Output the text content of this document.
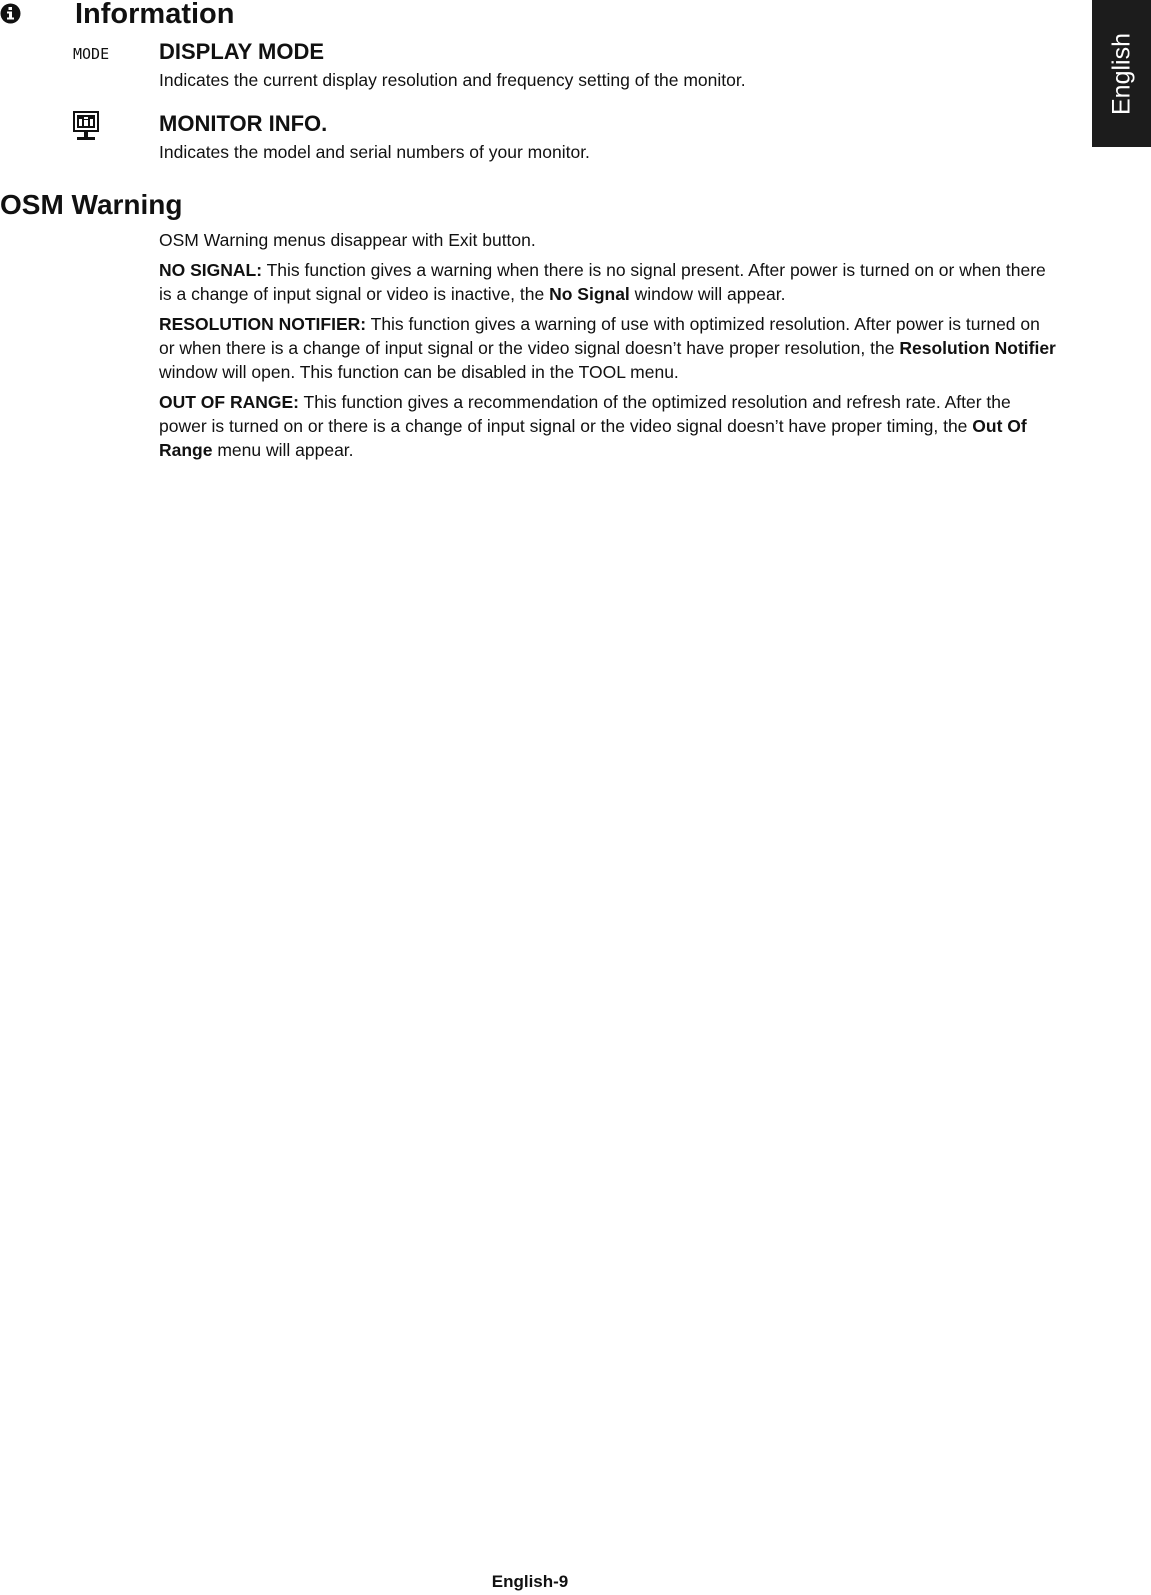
English
Information
MODE DISPLAY MODE

Indicates the current display resolution and frequency setting of the monitor.

MONITOR INFO.

Indicates the model and serial numbers of your monitor.

OSM Warning

OSM Warning menus disappear with Exit button.

NO SIGNAL: This function gives a warning when there is no signal present. After power is turned on or when there is a change of input signal or video is inactive, the No Signal window will appear.

RESOLUTION NOTIFIER: This function gives a warning of use with optimized resolution. After power is turned on or when there is a change of input signal or the video signal doesn’t have proper resolution, the Resolution Notifier window will open. This function can be disabled in the TOOL menu.

OUT OF RANGE: This function gives a recommendation of the optimized resolution and refresh rate. After the power is turned on or there is a change of input signal or the video signal doesn’t have proper timing, the Out Of Range menu will appear.

English-9
